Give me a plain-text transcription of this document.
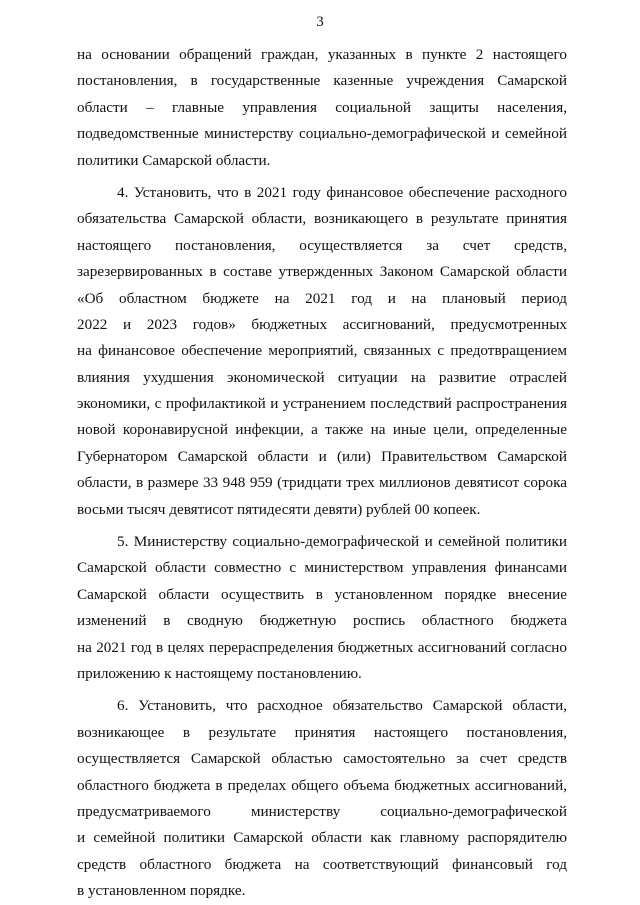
3
на основании обращений граждан, указанных в пункте 2 настоящего
постановления, в государственные казенные учреждения Самарской
области – главные управления социальной защиты населения,
подведомственные министерству социально-демографической и семейной
политики Самарской области.
4. Установить, что в 2021 году финансовое обеспечение расходного
обязательства Самарской области, возникающего в результате принятия
настоящего постановления, осуществляется за счет средств,
зарезервированных в составе утвержденных Законом Самарской области
«Об областном бюджете на 2021 год и на плановый период
2022 и 2023 годов» бюджетных ассигнований, предусмотренных
на финансовое обеспечение мероприятий, связанных с предотвращением
влияния ухудшения экономической ситуации на развитие отраслей
экономики, с профилактикой и устранением последствий распространения
новой коронавирусной инфекции, а также на иные цели, определенные
Губернатором Самарской области и (или) Правительством Самарской
области, в размере 33 948 959 (тридцати трех миллионов девятисот сорока
восьми тысяч девятисот пятидесяти девяти) рублей 00 копеек.
5. Министерству социально-демографической и семейной политики
Самарской области совместно с министерством управления финансами
Самарской области осуществить в установленном порядке внесение
изменений в сводную бюджетную роспись областного бюджета
на 2021 год в целях перераспределения бюджетных ассигнований согласно
приложению к настоящему постановлению.
6. Установить, что расходное обязательство Самарской области,
возникающее в результате принятия настоящего постановления,
осуществляется Самарской областью самостоятельно за счет средств
областного бюджета в пределах общего объема бюджетных ассигнований,
предусматриваемого министерству социально-демографической
и семейной политики Самарской области как главному распорядителю
средств областного бюджета на соответствующий финансовый год
в установленном порядке.
